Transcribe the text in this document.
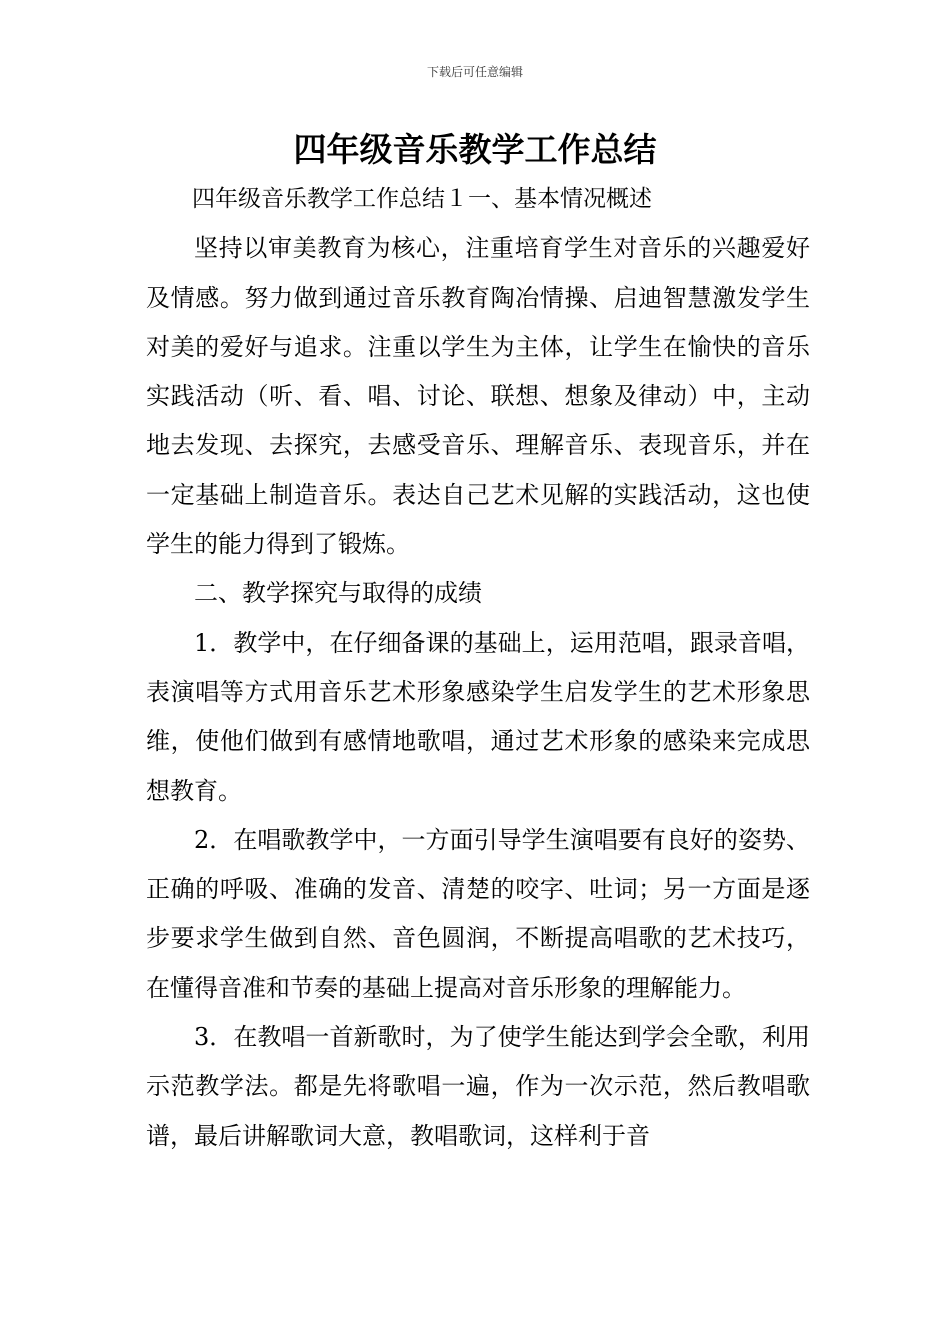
下载后可任意编辑
四年级音乐教学工作总结

四年级音乐教学工作总结１一、基本情况概述

坚持以审美教育为核心，注重培育学生对音乐的兴趣爱好及情感。努力做到通过音乐教育陶冶情操、启迪智慧激发学生对美的爱好与追求。注重以学生为主体，让学生在愉快的音乐实践活动（听、看、唱、讨论、联想、想象及律动）中，主动地去发现、去探究，去感受音乐、理解音乐、表现音乐，并在一定基础上制造音乐。表达自己艺术见解的实践活动，这也使学生的能力得到了锻炼。

二、教学探究与取得的成绩

1．教学中，在仔细备课的基础上，运用范唱，跟录音唱，表演唱等方式用音乐艺术形象感染学生启发学生的艺术形象思维，使他们做到有感情地歌唱，通过艺术形象的感染来完成思想教育。

2．在唱歌教学中，一方面引导学生演唱要有良好的姿势、正确的呼吸、准确的发音、清楚的咬字、吐词；另一方面是逐步要求学生做到自然、音色圆润，不断提高唱歌的艺术技巧，在懂得音准和节奏的基础上提高对音乐形象的理解能力。

3．在教唱一首新歌时，为了使学生能达到学会全歌，利用示范教学法。都是先将歌唱一遍，作为一次示范，然后教唱歌谱，最后讲解歌词大意，教唱歌词，这样利于音
